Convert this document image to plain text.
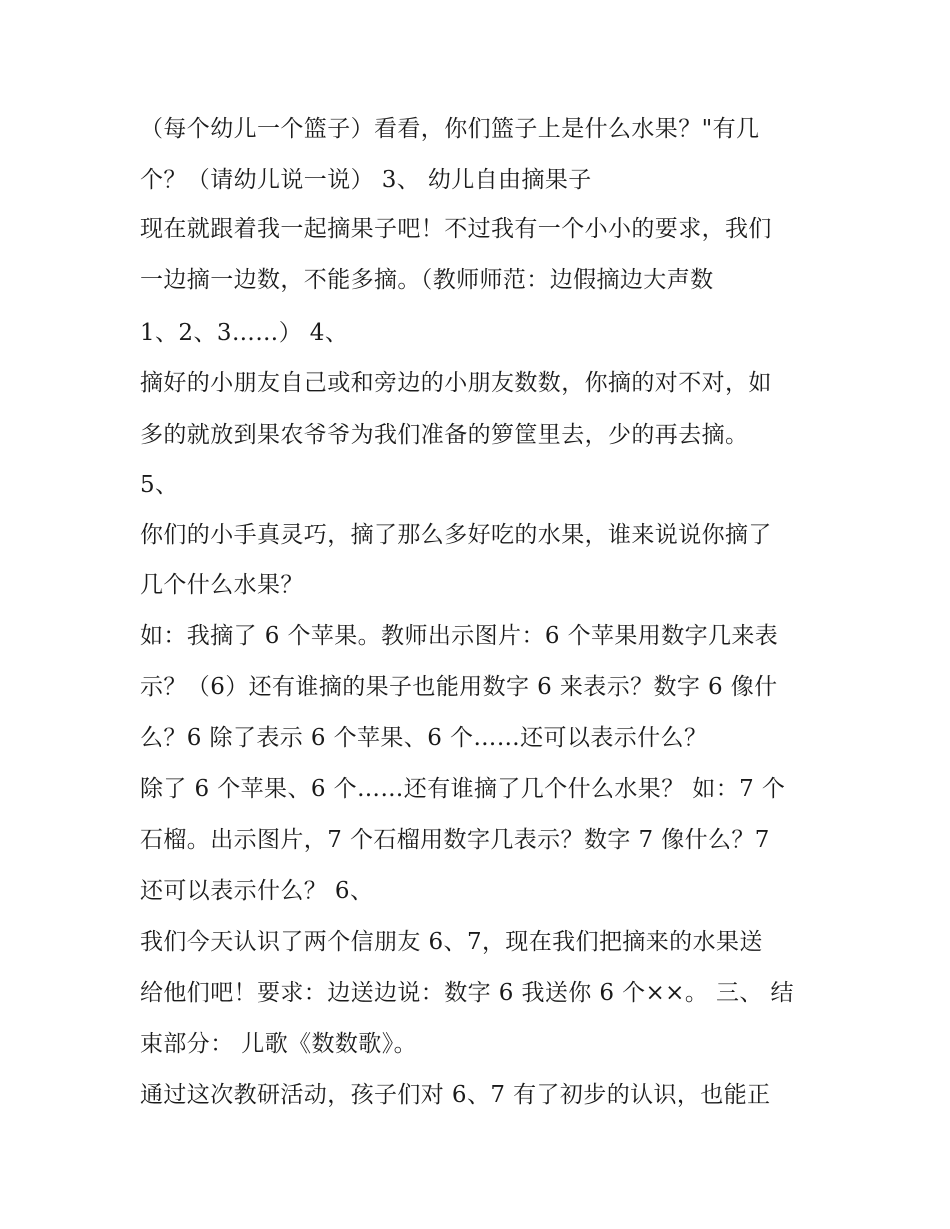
（每个幼儿一个篮子）看看，你们篮子上是什么水果？"有几
个？（请幼儿说一说） 3、 幼儿自由摘果子
现在就跟着我一起摘果子吧！不过我有一个小小的要求，我们
一边摘一边数，不能多摘。（教师师范：边假摘边大声数
1、2、3……） 4、
摘好的小朋友自己或和旁边的小朋友数数，你摘的对不对，如
多的就放到果农爷爷为我们准备的箩筐里去，少的再去摘。
5、
你们的小手真灵巧，摘了那么多好吃的水果，谁来说说你摘了
几个什么水果？
如：我摘了 6 个苹果。教师出示图片：6 个苹果用数字几来表
示？（6）还有谁摘的果子也能用数字 6 来表示？数字 6 像什
么？6 除了表示 6 个苹果、6 个……还可以表示什么？
除了 6 个苹果、6 个……还有谁摘了几个什么水果？ 如：7 个
石榴。出示图片，7 个石榴用数字几表示？数字 7 像什么？7
还可以表示什么？ 6、
我们今天认识了两个信朋友 6、7，现在我们把摘来的水果送
给他们吧！要求：边送边说：数字 6 我送你 6 个××。 三、 结
束部分： 儿歌《数数歌》。
通过这次教研活动，孩子们对 6、7 有了初步的认识，也能正
